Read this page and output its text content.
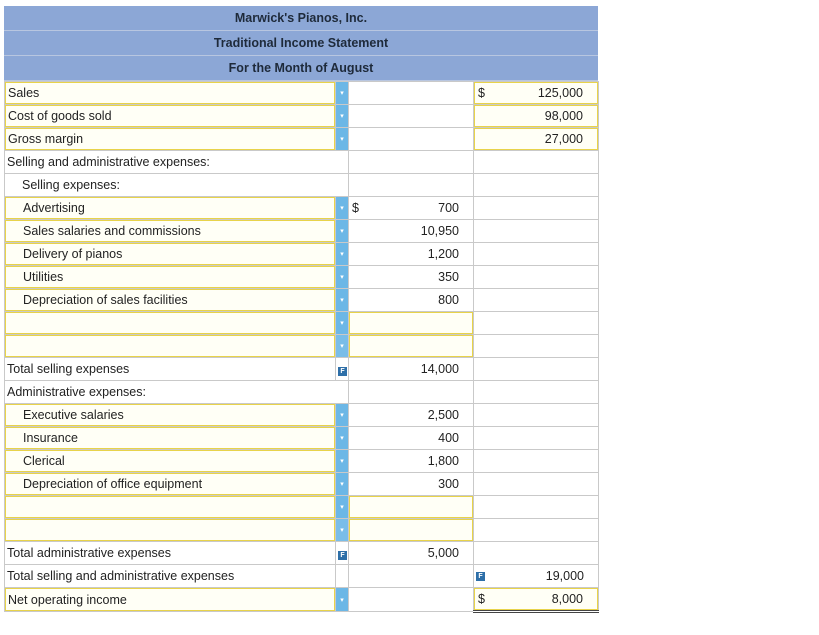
Marwick's Pianos, Inc.
Traditional Income Statement
For the Month of August
Sales	▾		$ 125,000

Cost of goods sold	▾		98,000

Gross margin	▾		27,000

Selling and administrative expenses:			

Selling expenses:			

Advertising	▾	$ 700	

Sales salaries and commissions	▾	10,950	

Delivery of pianos	▾	1,200	

Utilities	▾	350	

Depreciation of sales facilities	▾	800	

▾		

▾		

Total selling expenses	F	14,000	

Administrative expenses:			

Executive salaries	▾	2,500	

Insurance	▾	400	

Clerical	▾	1,800	

Depreciation of office equipment	▾	300	

▾		

▾		

Total administrative expenses	F	5,000	

Total selling and administrative expenses			F 19,000

Net operating income	▾		$ 8,000
